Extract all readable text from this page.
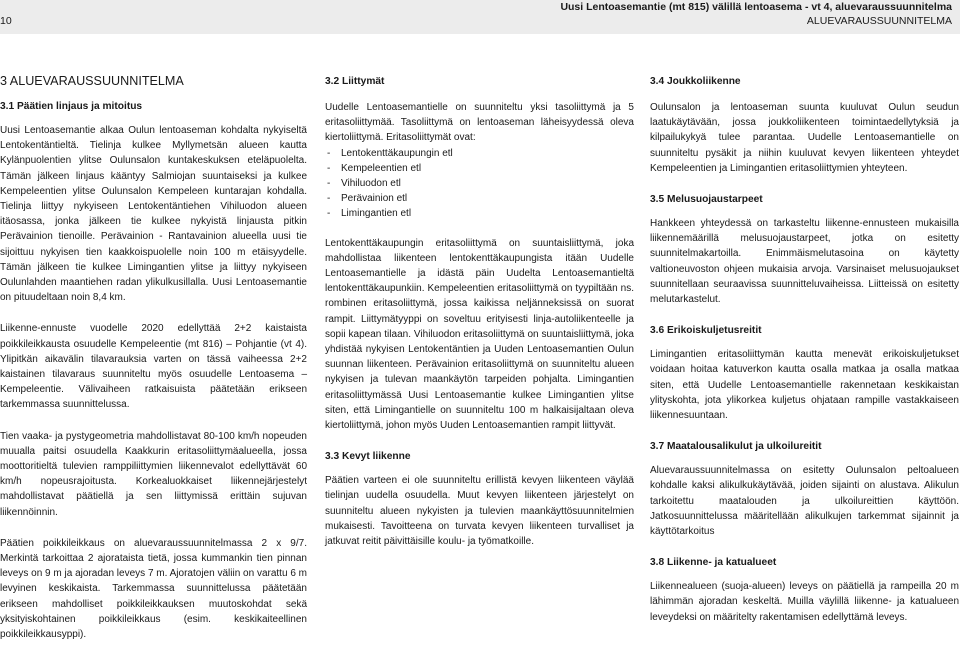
Uusi Lentoasemantie (mt 815) välillä lentoasema - vt 4, aluevaraussuunnitelma
10	ALUEVARAUSSUUNNITELMA
3 ALUEVARAUSSUUNNITELMA
3.1 Päätien linjaus ja mitoitus

Uusi Lentoasemantie alkaa Oulun lentoaseman kohdalta nykyiseltä Lentokentäntieltä. Tielinja kulkee Myllymetsän alueen kautta Kylänpuolentien ylitse Oulunsalon kuntakeskuksen eteläpuolelta. Tämän jälkeen linjaus kääntyy Salmiojan suuntaiseksi ja kulkee Kempeleentien ylitse Oulunsalon Kempeleen kuntarajan kohdalla. Tielinja liittyy nykyiseen Lentokentäntiehen Vihiluodon alueen itäosassa, jonka jälkeen tie kulkee nykyistä linjausta pitkin Perävainion tienoille. Perävainion - Rantavainion alueella uusi tie sijoittuu nykyisen tien kaakkoispuolelle noin 100 m etäisyydelle. Tämän jälkeen tie kulkee Limingantien ylitse ja liittyy nykyiseen Oulunlahden maantiehen radan ylikulkusillalla. Uusi Lentoasemantie on pituudeltaan noin 8,4 km.

Liikenne-ennuste vuodelle 2020 edellyttää 2+2 kaistaista poikkileikkausta osuudelle Kempeleentie (mt 816) – Pohjantie (vt 4). Ylipitkän aikavälin tilavarauksia varten on tässä vaiheessa 2+2 kaistainen tilavaraus suunniteltu myös osuudelle Lentoasema – Kempeleentie. Välivaiheen ratkaisuista päätetään erikseen tarkemmassa suunnittelussa.

Tien vaaka- ja pystygeometria mahdollistavat 80-100 km/h nopeuden muualla paitsi osuudella Kaakkurin eritasoliittymäalueella, jossa moottoritieltä tulevien ramppiliittymien liikennevalot edellyttävät 60 km/h nopeusrajoitusta. Korkealuokkaiset liikennejärjestelyt mahdollistavat päätiellä ja sen liittymissä erittäin sujuvan liikennöinnin.

Päätien poikkileikkaus on aluevaraussuunnitelmassa 2 x 9/7. Merkintä tarkoittaa 2 ajorataista tietä, jossa kummankin tien pinnan leveys on 9 m ja ajoradan leveys 7 m. Ajoratojen väliin on varattu 6 m levyinen keskikaista. Tarkemmassa suunnittelussa päätetään erikseen mahdolliset poikkileikkauksen muutoskohdat sekä yksityiskohtainen poikkileikkaus (esim. keskikaiteellinen poikkileikkausyppi).

3.2 Liittymät

Uudelle Lentoasemantielle on suunniteltu yksi tasoliittymä ja 5 eritasoliittymää. Tasoliittymä on lentoaseman läheisyydessä oleva kiertoliittymä. Eritasoliittymät ovat:

- Lentokenttäkaupungin etl
- Kempeleentien etl
- Vihiluodon etl
- Perävainion etl
- Limingantien etl

Lentokenttäkaupungin eritasoliittymä on suuntaisliittymä, joka mahdollistaa liikenteen lentokenttäkaupungista itään Uudelle Lentoasemantielle ja idästä päin Uudelta Lentoasemantieltä lentokenttäkaupunkiin. Kempeleentien eritasoliittymä on tyypiltään ns. rombinen eritasoliittymä, jossa kaikissa neljänneksissä on suorat rampit. Liittymätyyppi on soveltuu erityisesti linja-autoliikenteelle ja sopii kapean tilaan. Vihiluodon eritasoliittymä on suuntaisliittymä, joka yhdistää nykyisen Lentokentäntien ja Uuden Lentoasemantien Oulun suunnan liikenteen. Perävainion eritasoliittymä on suunniteltu alueen nykyisen ja tulevan maankäytön tarpeiden pohjalta. Limingantien eritasoliittymässä Uusi Lentoasemantie kulkee Limingantien ylitse siten, että Limingantielle on suunniteltu 100 m halkaisijaltaan oleva kiertoliittymä, johon myös Uuden Lentoasemantien rampit liittyvät.

3.3 Kevyt liikenne

Päätien varteen ei ole suunniteltu erillistä kevyen liikenteen väylää tielinjan uudella osuudella. Muut kevyen liikenteen järjestelyt on suunniteltu alueen nykyisten ja tulevien maankäyttösuunnitelmien mukaisesti. Tavoitteena on turvata kevyen liikenteen turvalliset ja jatkuvat reitit päivittäisille koulu- ja työmatkoille.

3.4 Joukkoliikenne

Oulunsalon ja lentoaseman suunta kuuluvat Oulun seudun laatukäytävään, jossa joukkoliikenteen toimintaedellytyksiä ja kilpailukykyä tulee parantaa. Uudelle Lentoasemantielle on suunniteltu pysäkit ja niihin kuuluvat kevyen liikenteen yhteydet Kempeleentien ja Limingantien eritasoliittymien yhteyteen.

3.5 Melusuojaustarpeet

Hankkeen yhteydessä on tarkasteltu liikenne-ennusteen mukaisilla liikennemäärillä melusuojaustarpeet, jotka on esitetty suunnitelmakartoilla. Enimmäismelutasoina on käytetty valtioneuvoston ohjeen mukaisia arvoja. Varsinaiset melusuojaukset suunnitellaan seuraavissa suunnitteluvaiheissa. Liitteissä on esitetty melutarkastelut.

3.6 Erikoiskuljetusreitit

Limingantien eritasoliittymän kautta menevät erikoiskuljetukset voidaan hoitaa katuverkon kautta osalla matkaa ja osalla matkaa siten, että Uudelle Lentoasemantielle rakennetaan keskikaistan ylityskohta, jota ylikorkea kuljetus ohjataan rampille vastakkaiseen liikennesuuntaan.

3.7 Maatalousalikulut ja ulkoilureitit

Aluevaraussuunnitelmassa on esitetty Oulunsalon peltoalueen kohdalle kaksi alikulkukäytävää, joiden sijainti on alustava. Alikulun tarkoitettu maatalouden ja ulkoilureittien käyttöön. Jatkosuunnittelussa määritellään alikulkujen tarkemmat sijainnit ja käyttötarkoitus

3.8 Liikenne- ja katualueet

Liikennealueen (suoja-alueen) leveys on päätiellä ja rampeilla 20 m lähimmän ajoradan keskeltä. Muilla väylillä liikenne- ja katualueen leveydeksi on määritelty rakentamisen edellyttämä leveys.
